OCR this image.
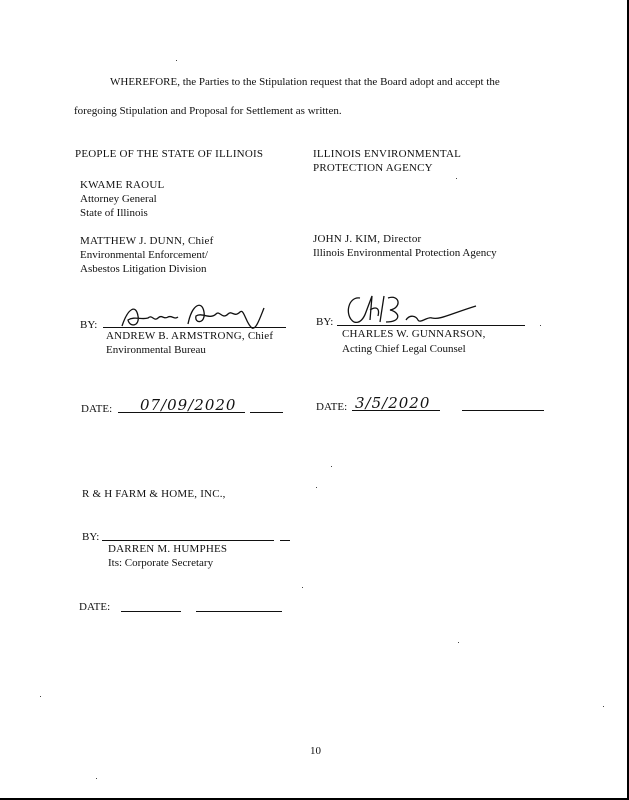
WHEREFORE, the Parties to the Stipulation request that the Board adopt and accept the
foregoing Stipulation and Proposal for Settlement as written.
PEOPLE OF THE STATE OF ILLINOIS
KWAME RAOUL
Attorney General
State of Illinois
MATTHEW J. DUNN, Chief
Environmental Enforcement/
Asbestos Litigation Division
ILLINOIS ENVIRONMENTAL
PROTECTION AGENCY
JOHN J. KIM, Director
Illinois Environmental Protection Agency
BY:
ANDREW B. ARMSTRONG, Chief
Environmental Bureau
BY:
CHARLES W. GUNNARSON,
Acting Chief Legal Counsel
DATE: 07/09/2020	DATE: 3/5/2020
R & H FARM & HOME, INC.,
BY:
DARREN M. HUMPHES
Its: Corporate Secretary
DATE:
10
